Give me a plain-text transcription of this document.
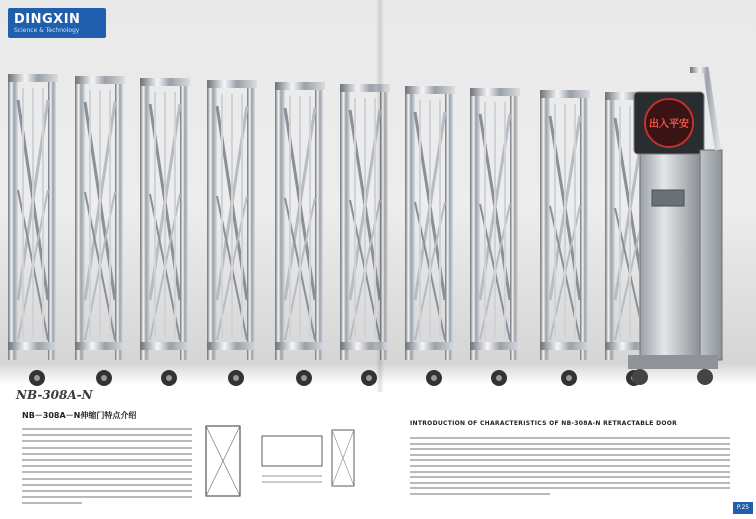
出入平安
DINGXIN
Science & Technology
NB-308A-N
NB－308A－N伸缩门特点介绍
INTRODUCTION OF CHARACTERISTICS OF NB-308A-N RETRACTABLE DOOR
P.25
